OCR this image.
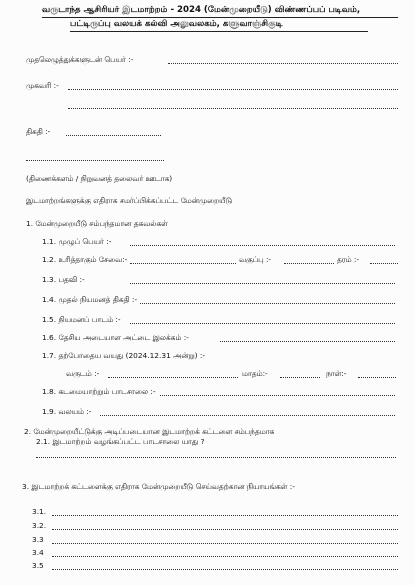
வருடாந்த ஆசிரியர் இடமாற்றம் - 2024 (மேன்முறையீடு) விண்ணப்பப் படிவம்,
பட்டிருப்பு வலயக் கல்வி அலுவலகம், களுவாஞ்சிகுடி
முதலெழுத்துக்களுடன் பெயர் :-
முகவரி :-
திகதி :-
(திணைக்களம் / நிறுவனத் தலைவர் ஊடாக)
இடமாற்றங்களுக்கு எதிராக சமர்ப்பிக்கப்பட்ட மேன்முறையீடு
1. மேன்முறையீடு சம்பந்தமான தகவல்கள்
1.1. முழுப் பெயர் :-
1.2. உரித்தாகும் சேவை:-	வகுப்பு :-	தரம் :-
1.3. பதவி :-
1.4. முதல் நியமனத் திகதி :-
1.5. நியமனப் பாடம் :-
1.6. தேசிய அடையாள அட்டை இலக்கம் :-
1.7. தற்போதைய வயது (2024.12.31 அன்று) :-
வருடம் :-	மாதம்:-	நாள்:-
1.8. கடமையாற்றும் பாடசாலை :-
1.9. வலயம் :-
2. மேன்முறையீட்டுக்கு அடிப்படையான இடமாற்றக் கட்டளை சம்பந்தமாக
2.1. இடமாற்றம் வழங்கப்பட்ட பாடசாலை யாது ?
3. இடமாற்றக் கட்டளைக்கு எதிராக மேன்முறையீடு செய்வதற்கான நியாயங்கள் :-
3.1.
3.2.
3.3
3.4
3.5
